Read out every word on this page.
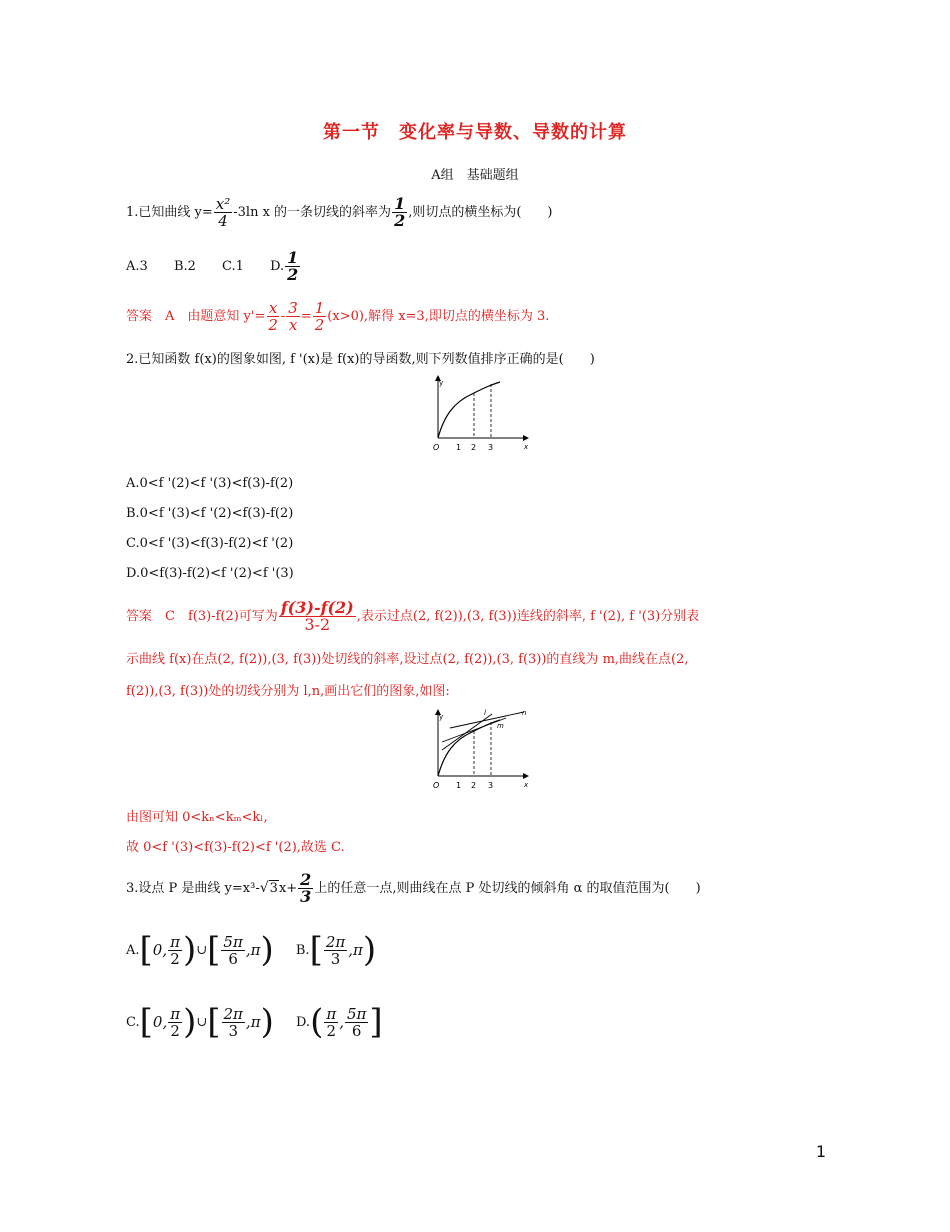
第一节　变化率与导数、导数的计算
A组　基础题组
1.已知曲线 $y= \frac{\text{x²}}{4} -3\ln$ x 的一条切线的斜率为 $\frac{1}{2}$ ,则切点的横坐标为(　　)
A.3 B.2 C.1 D. $\frac{1}{2}$
答案　A　由题意知 $y'= \frac{x}{2} - \frac{3}{x} = \frac{1}{2} (x>0)$,解得 x=3,即切点的横坐标为 3.
2.已知函数 f(x)的图象如图, f '(x)是 f(x)的导函数,则下列数值排序正确的是(　　)
y
x
O 1 2 3
A.0<f '(2)<f '(3)<f(3)-f(2)
B.0<f '(3)<f '(2)<f(3)-f(2)
C.0<f '(3)<f(3)-f(2)<f '(2)
D.0<f(3)-f(2)<f '(2)<f '(3)
答案　C　f(3)-f(2)可写为 $\frac{f(3)-f(2)}{3-2}$ ,表示过点(2, f(2)),(3, f(3))连线的斜率, f '(2), f '(3)分别表
示曲线 f(x)在点(2, f(2)),(3, f(3))处切线的斜率,设过点(2, f(2)),(3, f(3))的直线为 m,曲线在点(2,
f(2)),(3, f(3))处的切线分别为 l,n,画出它们的图象,如图:
y
x
O 1 2 3
l	n
m
由图可知 0<kₙ<kₘ<kₗ,
故 0<f '(3)<f(3)-f(2)<f '(2),故选 C.
3.设点 P 是曲线 $y=x^3-√3x+ \frac{2}{3}$ 上的任意一点,则曲线在点 P 处切线的倾斜角 α 的取值范围为(　　)
A. [ 0 , $\frac{\pi}{2}$ ) ∪ [ $\frac{5\pi}{6}$ , π ) B. [ $\frac{2\pi}{3}$ , π )
C. [ 0 , $\frac{\pi}{2}$ ) ∪ [ $\frac{2\pi}{3}$ , π ) D. ( $\frac{\pi}{2}$ , $\frac{5\pi}{6}$ ]
1
